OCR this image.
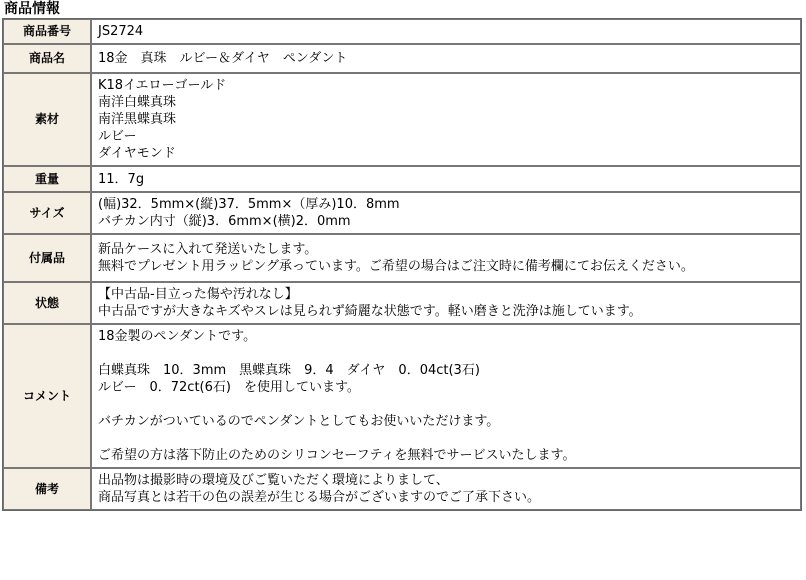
商品情報
商品番号	JS2724

商品名	18金　真珠　ルビー＆ダイヤ　ペンダント

素材	K18イエローゴールド
南洋白蝶真珠
南洋黒蝶真珠
ルビー
ダイヤモンド

重量	11．7g

サイズ	(幅)32．5mm×(縦)37．5mm×（厚み)10．8mm
バチカン内寸（縦)3．6mm×(横)2．0mm

付属品	新品ケースに入れて発送いたします。
無料でプレゼント用ラッピング承っています。ご希望の場合はご注文時に備考欄にてお伝えください。

状態	【中古品-目立った傷や汚れなし】
中古品ですが大きなキズやスレは見られず綺麗な状態です。軽い磨きと洗浄は施しています。

コメント	18金製のペンダントです。
白蝶真珠　10．3mm　黒蝶真珠　9．4　ダイヤ　0．04ct(3石)
ルビー　0．72ct(6石)　を使用しています。
バチカンがついているのでペンダントとしてもお使いいただけます。
ご希望の方は落下防止のためのシリコンセーフティを無料でサービスいたします。

備考	出品物は撮影時の環境及びご覧いただく環境によりまして、
商品写真とは若干の色の誤差が生じる場合がございますのでご了承下さい。
